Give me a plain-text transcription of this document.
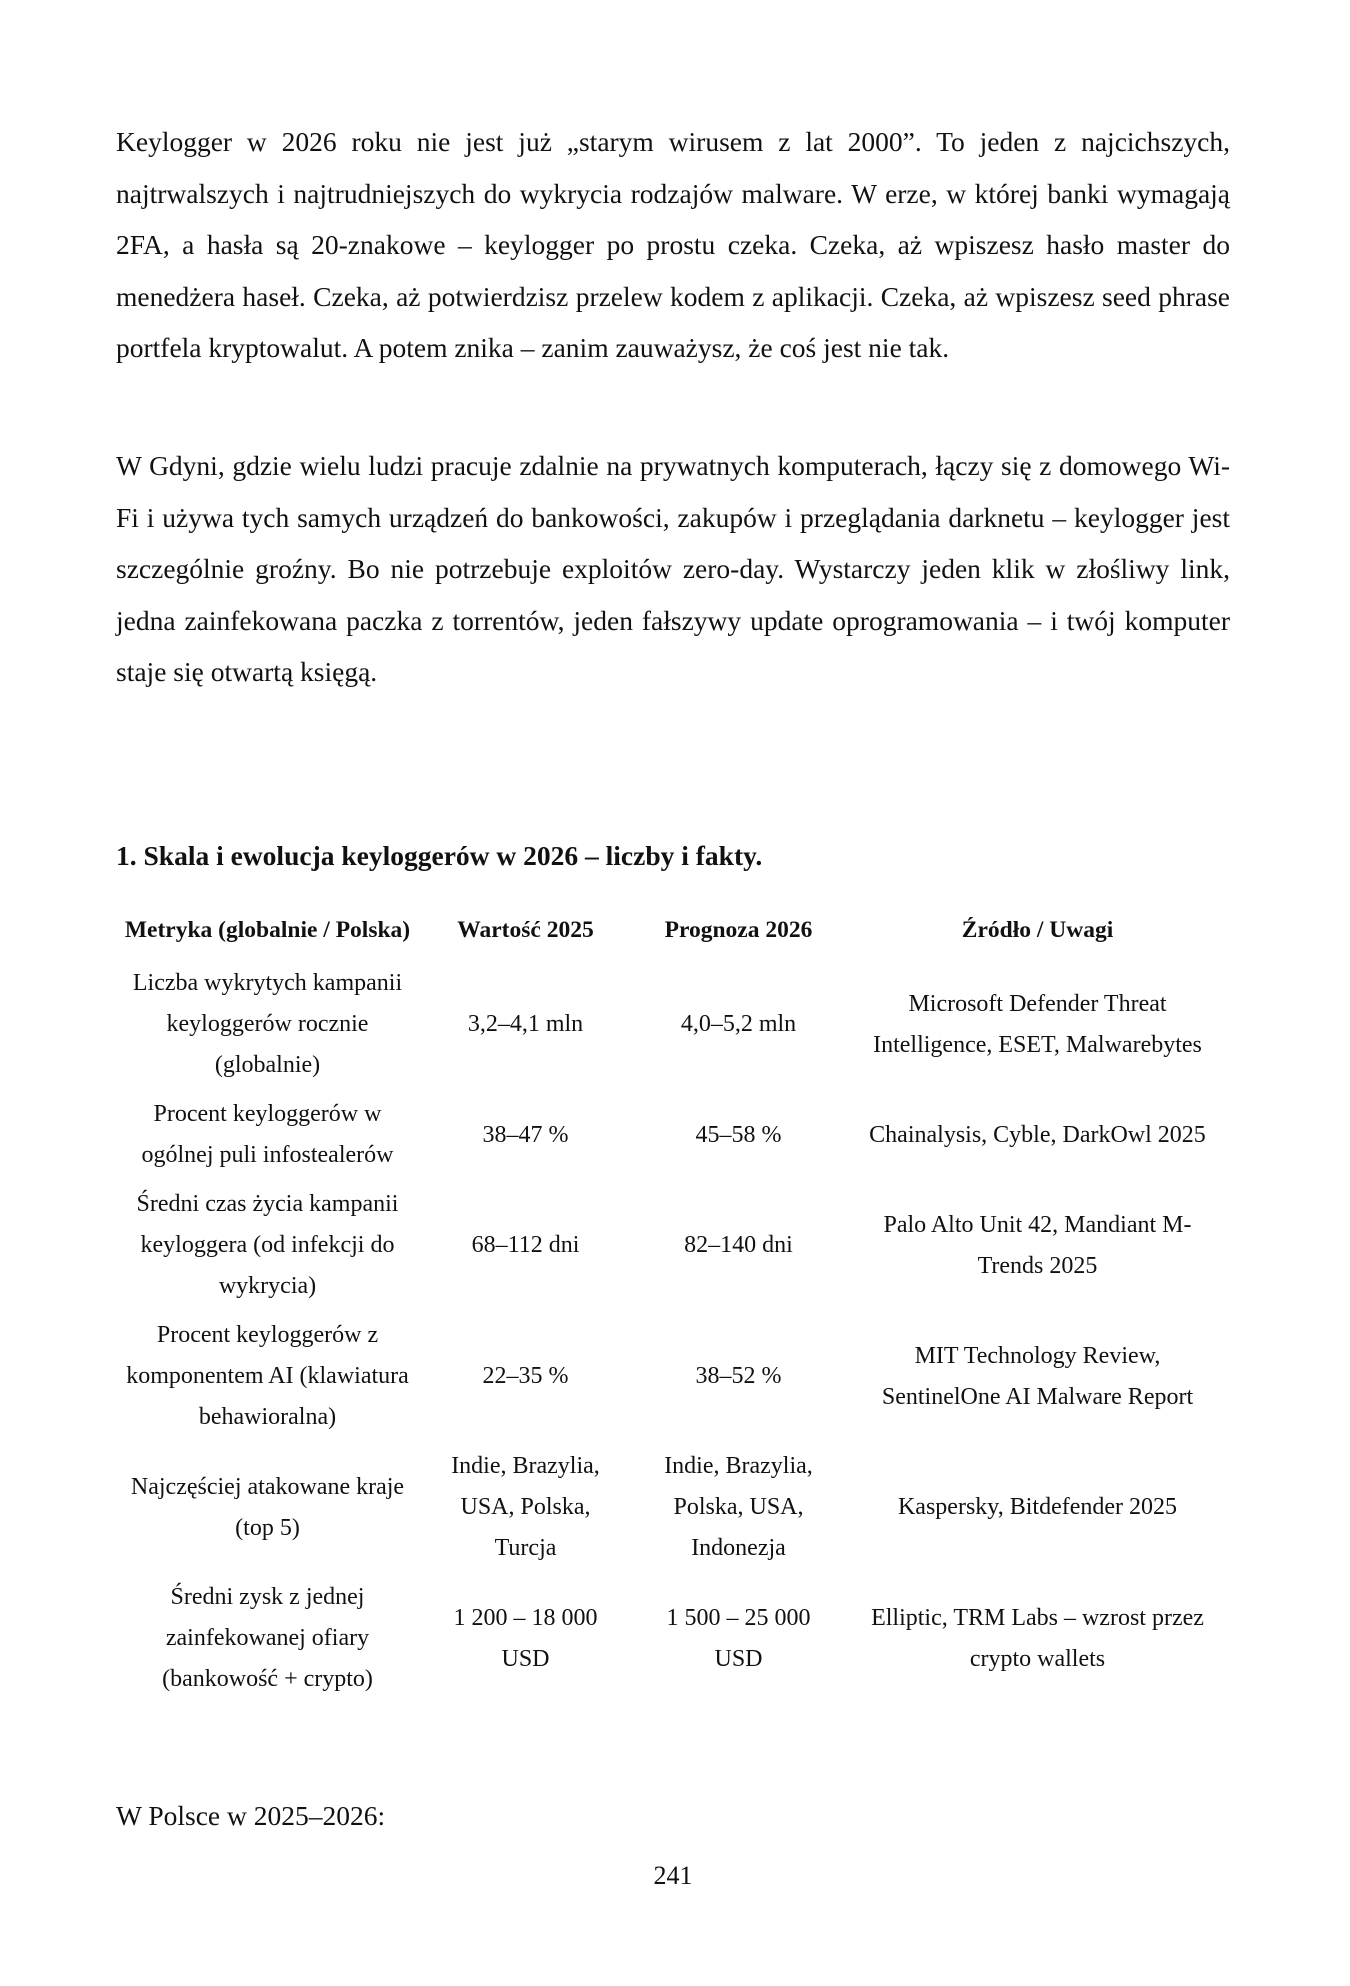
Keylogger w 2026 roku nie jest już „starym wirusem z lat 2000”. To jeden z najcichszych, najtrwalszych i najtrudniejszych do wykrycia rodzajów malware. W erze, w której banki wymagają 2FA, a hasła są 20-znakowe – keylogger po prostu czeka. Czeka, aż wpiszesz hasło master do menedżera haseł. Czeka, aż potwierdzisz przelew kodem z aplikacji. Czeka, aż wpiszesz seed phrase portfela kryptowalut. A potem znika – zanim zauważysz, że coś jest nie tak.

W Gdyni, gdzie wielu ludzi pracuje zdalnie na prywatnych komputerach, łączy się z domowego Wi-Fi i używa tych samych urządzeń do bankowości, zakupów i przeglądania darknetu – keylogger jest szczególnie groźny. Bo nie potrzebuje exploitów zero-day. Wystarczy jeden klik w złośliwy link, jedna zainfekowana paczka z torrentów, jeden fałszywy update oprogramowania – i twój komputer staje się otwartą księgą.

1. Skala i ewolucja keyloggerów w 2026 – liczby i fakty.
Metryka (globalnie / Polska)	Wartość 2025	Prognoza 2026	Źródło / Uwagi
Liczba wykrytych kampanii keyloggerów rocznie (globalnie)	3,2–4,1 mln	4,0–5,2 mln	Microsoft Defender Threat Intelligence, ESET, Malwarebytes
Procent keyloggerów w ogólnej puli infostealerów	38–47 %	45–58 %	Chainalysis, Cyble, DarkOwl 2025
Średni czas życia kampanii keyloggera (od infekcji do wykrycia)	68–112 dni	82–140 dni	Palo Alto Unit 42, Mandiant M-Trends 2025
Procent keyloggerów z komponentem AI (klawiatura behawioralna)	22–35 %	38–52 %	MIT Technology Review, SentinelOne AI Malware Report
Najczęściej atakowane kraje (top 5)	Indie, Brazylia, USA, Polska, Turcja	Indie, Brazylia, Polska, USA, Indonezja	Kaspersky, Bitdefender 2025
Średni zysk z jednej zainfekowanej ofiary (bankowość + crypto)	1 200 – 18 000 USD	1 500 – 25 000 USD	Elliptic, TRM Labs – wzrost przez crypto wallets

W Polsce w 2025–2026:

241
